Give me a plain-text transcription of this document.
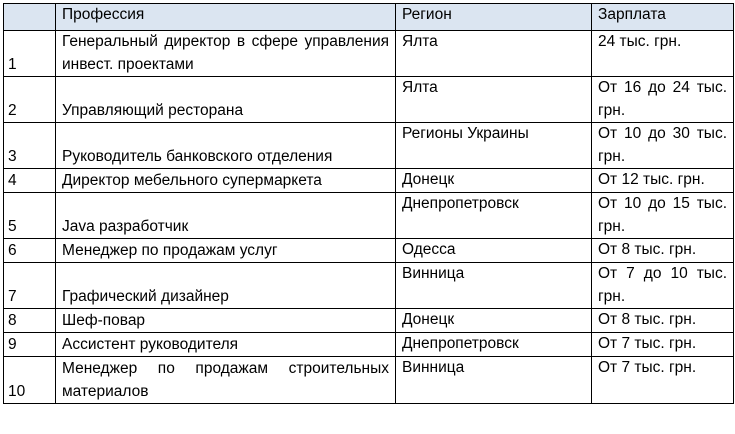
	Профессия	Регион	Зарплата
1	Генеральный директор в сфере управления инвест. проектами	Ялта	24 тыс. грн.
2	Управляющий ресторана	Ялта	От 16 до 24 тыс. грн.
3	Руководитель банковского отделения	Регионы Украины	От 10 до 30 тыс. грн.
4	Директор мебельного супермаркета	Донецк	От 12 тыс. грн.
5	Java разработчик	Днепропетровск	От 10 до 15 тыс. грн.
6	Менеджер по продажам услуг	Одесса	От 8 тыс. грн.
7	Графический дизайнер	Винница	От 7 до 10 тыс. грн.
8	Шеф-повар	Донецк	От 8 тыс. грн.
9	Ассистент руководителя	Днепропетровск	От 7 тыс. грн.
10	Менеджер по продажам строительных материалов	Винница	От 7 тыс. грн.
